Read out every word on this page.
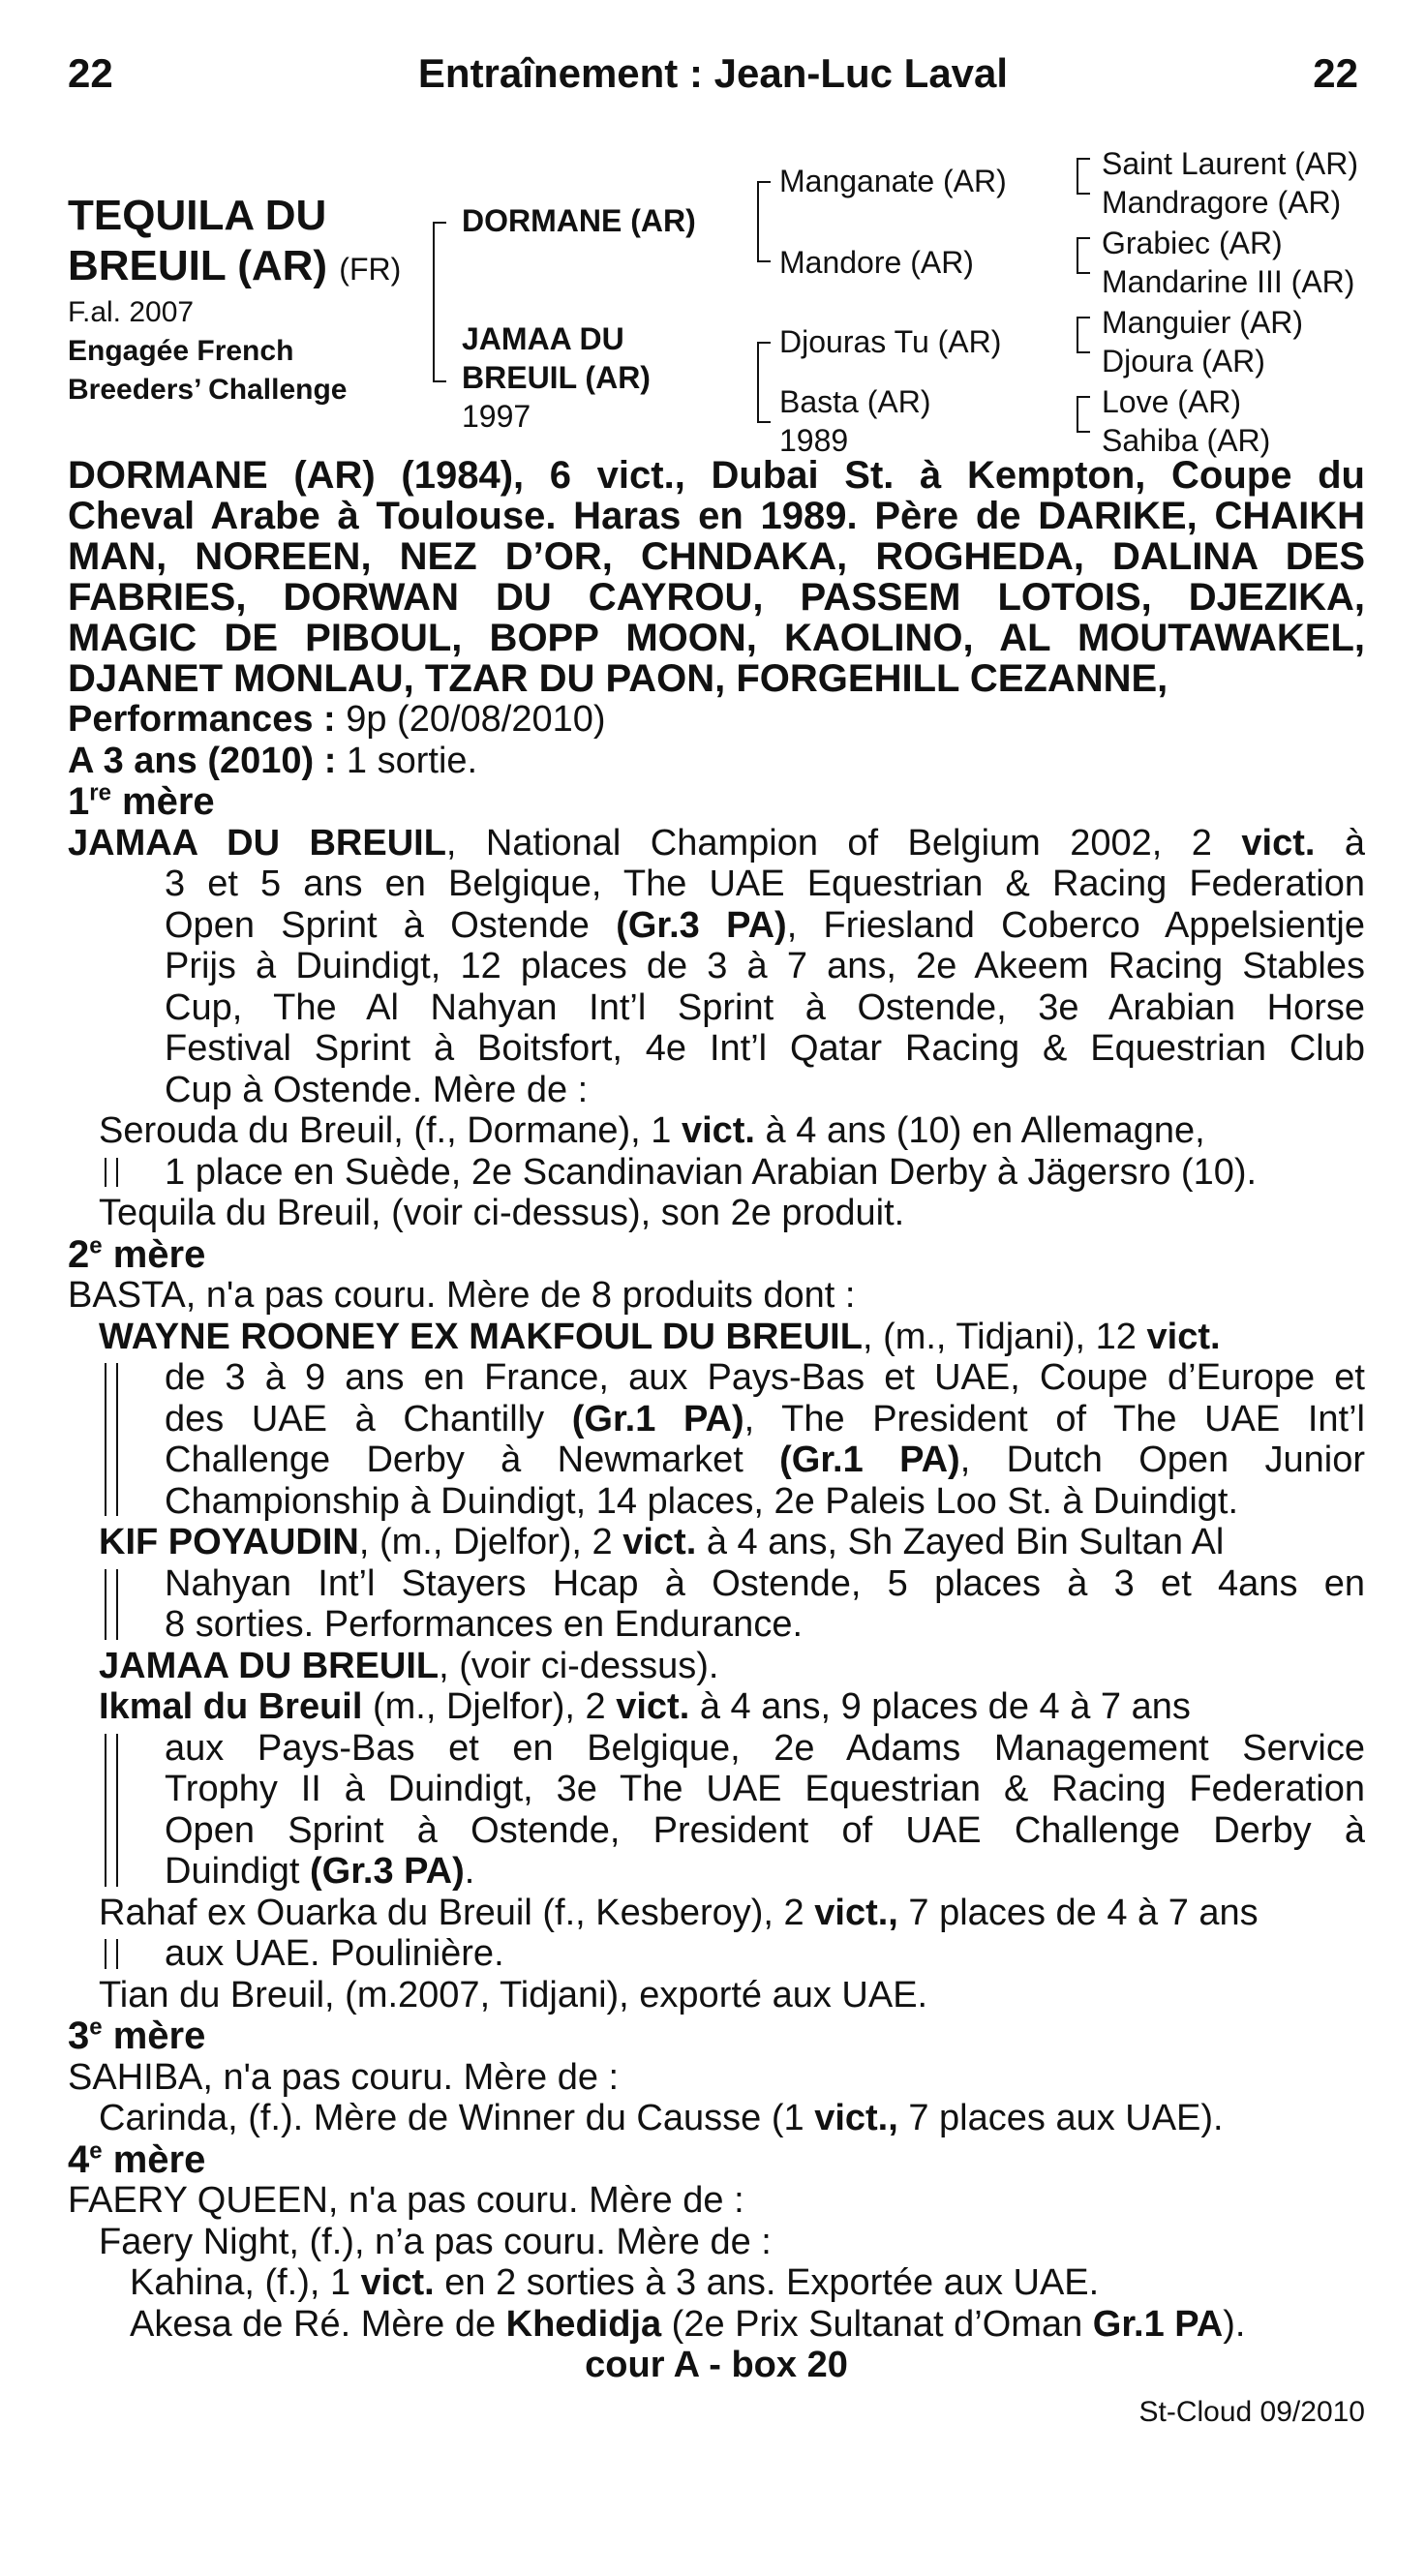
22	Entraînement : Jean-Luc Laval	22
TEQUILA DU
BREUIL (AR) (FR)
F.al. 2007
Engagée French
Breeders’ Challenge
DORMANE (AR)
JAMAA DU
BREUIL (AR)
1997
Manganate (AR)
Mandore (AR)
Djouras Tu (AR)
Basta (AR)
1989
Saint Laurent (AR)
Mandragore (AR)
Grabiec (AR)
Mandarine III (AR)
Manguier (AR)
Djoura (AR)
Love (AR)
Sahiba (AR)
DORMANE (AR) (1984), 6 vict., Dubai St. à Kempton, Coupe du
Cheval Arabe à Toulouse. Haras en 1989. Père de DARIKE, CHAIKH
MAN, NOREEN, NEZ D’OR, CHNDAKA, ROGHEDA, DALINA DES
FABRIES, DORWAN DU CAYROU, PASSEM LOTOIS, DJEZIKA,
MAGIC DE PIBOUL, BOPP MOON, KAOLINO, AL MOUTAWAKEL,
DJANET MONLAU, TZAR DU PAON, FORGEHILL CEZANNE,
Performances : 9p (20/08/2010)
A 3 ans (2010) : 1 sortie.
1re mère
JAMAA DU BREUIL, National Champion of Belgium 2002, 2 vict. à
3 et 5 ans en Belgique, The UAE Equestrian & Racing Federation
Open Sprint à Ostende (Gr.3 PA), Friesland Coberco Appelsientje
Prijs à Duindigt, 12 places de 3 à 7 ans, 2e Akeem Racing Stables
Cup, The Al Nahyan Int’l Sprint à Ostende, 3e Arabian Horse
Festival Sprint à Boitsfort, 4e Int’l Qatar Racing & Equestrian Club
Cup à Ostende. Mère de :
Serouda du Breuil, (f., Dormane), 1 vict. à 4 ans (10) en Allemagne,
1 place en Suède, 2e Scandinavian Arabian Derby à Jägersro (10).
Tequila du Breuil, (voir ci-dessus), son 2e produit.
2e mère
BASTA, n'a pas couru. Mère de 8 produits dont :
WAYNE ROONEY EX MAKFOUL DU BREUIL, (m., Tidjani), 12 vict.
de 3 à 9 ans en France, aux Pays-Bas et UAE, Coupe d’Europe et
des UAE à Chantilly (Gr.1 PA), The President of The UAE Int’l
Challenge Derby à Newmarket (Gr.1 PA), Dutch Open Junior
Championship à Duindigt, 14 places, 2e Paleis Loo St. à Duindigt.
KIF POYAUDIN, (m., Djelfor), 2 vict. à 4 ans, Sh Zayed Bin Sultan Al
Nahyan Int’l Stayers Hcap à Ostende, 5 places à 3 et 4ans en
8 sorties. Performances en Endurance.
JAMAA DU BREUIL, (voir ci-dessus).
Ikmal du Breuil (m., Djelfor), 2 vict. à 4 ans, 9 places de 4 à 7 ans
aux Pays-Bas et en Belgique, 2e Adams Management Service
Trophy II à Duindigt, 3e The UAE Equestrian & Racing Federation
Open Sprint à Ostende, President of UAE Challenge Derby à
Duindigt (Gr.3 PA).
Rahaf ex Ouarka du Breuil (f., Kesberoy), 2 vict., 7 places de 4 à 7 ans
aux UAE. Poulinière.
Tian du Breuil, (m.2007, Tidjani), exporté aux UAE.
3e mère
SAHIBA, n'a pas couru. Mère de :
Carinda, (f.). Mère de Winner du Causse (1 vict., 7 places aux UAE).
4e mère
FAERY QUEEN, n'a pas couru. Mère de :
Faery Night, (f.), n’a pas couru. Mère de :
Kahina, (f.), 1 vict. en 2 sorties à 3 ans. Exportée aux UAE.
Akesa de Ré. Mère de Khedidja (2e Prix Sultanat d’Oman Gr.1 PA).
cour A - box 20
St-Cloud 09/2010
